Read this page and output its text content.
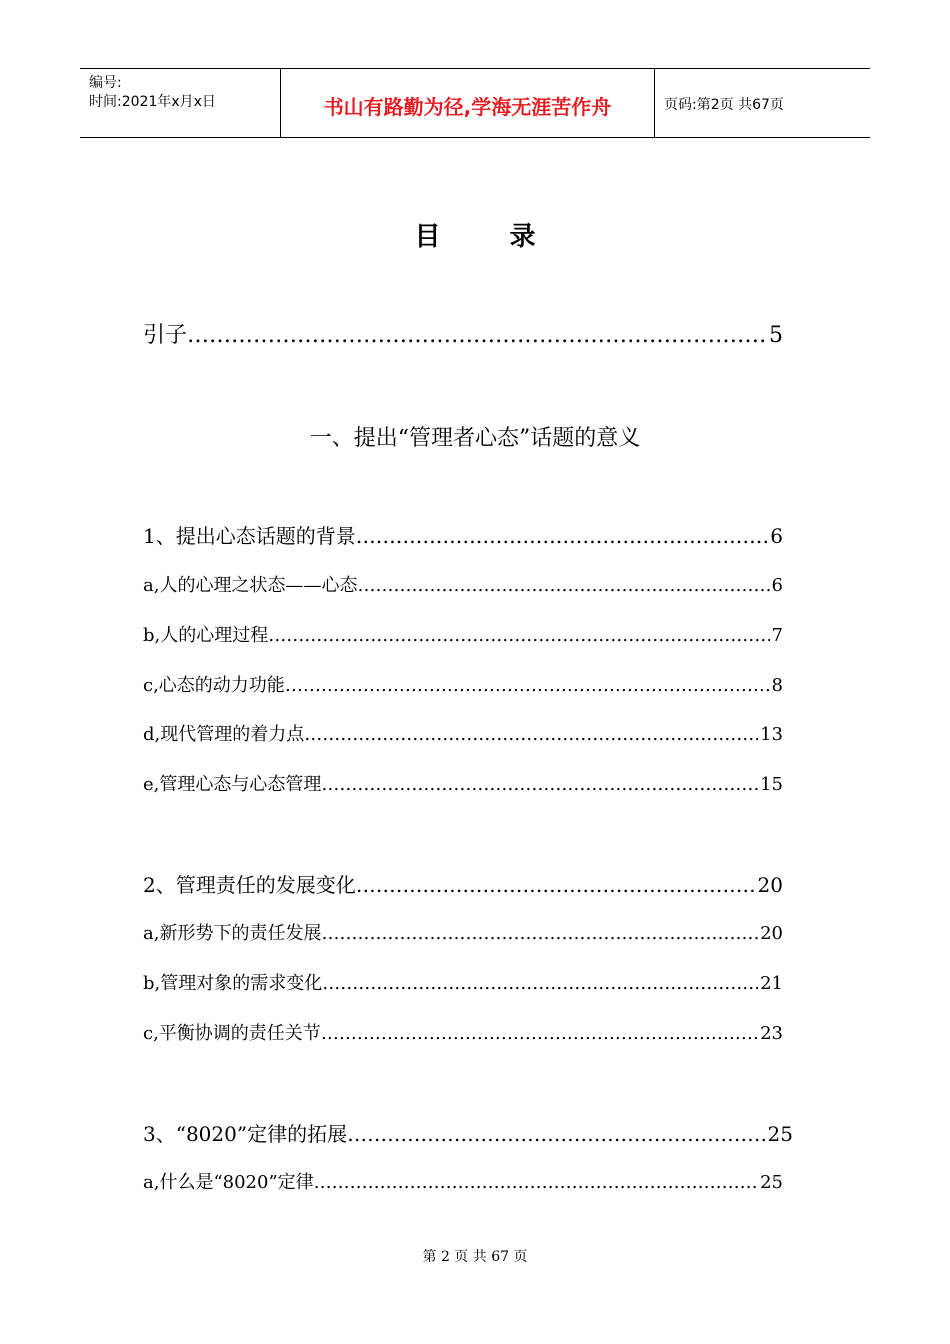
编号:
时间:2021年x月x日	书山有路勤为径,学海无涯苦作舟	页码:第2页 共67页
目 录
引子 ……………………………………………………………………………………………………………………………	5
一、提出“管理者心态”话题的意义
1、提出心态话题的背景 ……………………………………………………………………………………………………………………………	6
a,人的心理之状态——心态 ……………………………………………………………………………………………………………………………	6
b,人的心理过程 ……………………………………………………………………………………………………………………………	7
c,心态的动力功能 ……………………………………………………………………………………………………………………………	8
d,现代管理的着力点 ……………………………………………………………………………………………………………………………	13
e,管理心态与心态管理 ……………………………………………………………………………………………………………………………	15
2、管理责任的发展变化 ……………………………………………………………………………………………………………………………	20
a,新形势下的责任发展 ……………………………………………………………………………………………………………………………	20
b,管理对象的需求变化 ……………………………………………………………………………………………………………………………	21
c,平衡协调的责任关节 ……………………………………………………………………………………………………………………………	23
3、“8020”定律的拓展 ……………………………………………………………………………………………………………………………	25
a,什么是“8020”定律 ……………………………………………………………………………………………………………………………	25
第 2 页 共 67 页
